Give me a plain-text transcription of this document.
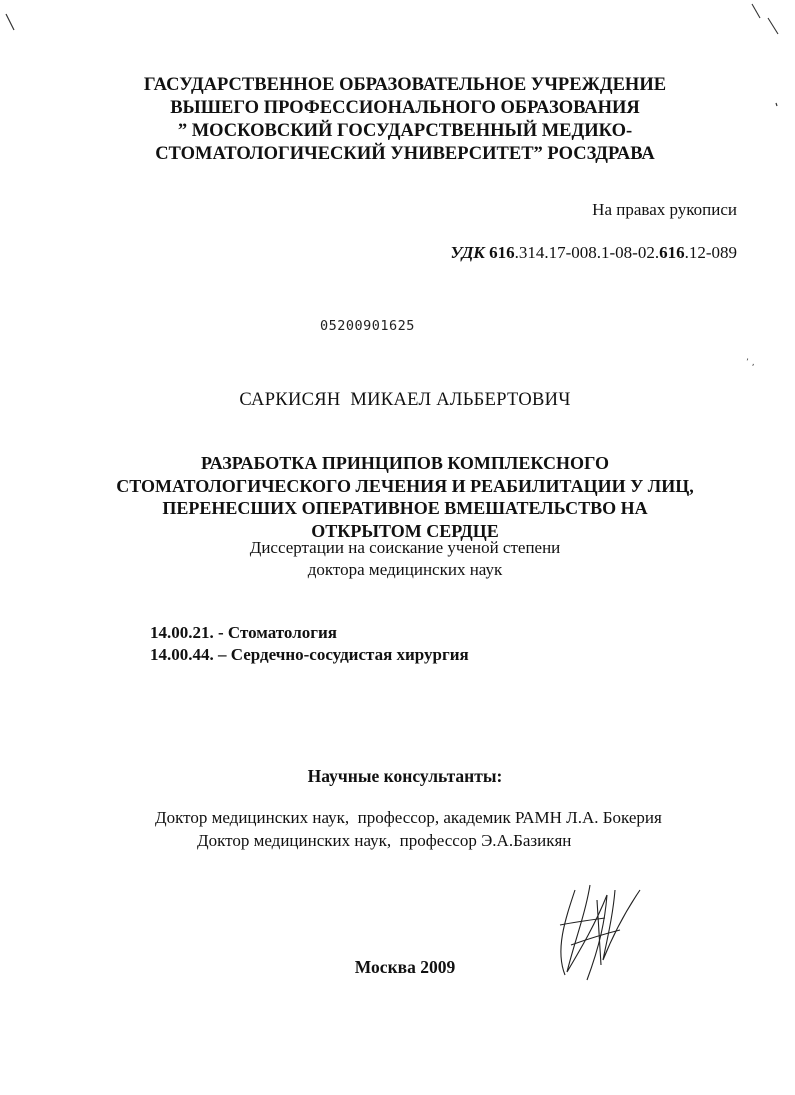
’ ,
ГАСУДАРСТВЕННОЕ ОБРАЗОВАТЕЛЬНОЕ УЧРЕЖДЕНИЕ
ВЫШЕГО ПРОФЕССИОНАЛЬНОГО ОБРАЗОВАНИЯ
” МОСКОВСКИЙ ГОСУДАРСТВЕННЫЙ МЕДИКО-
СТОМАТОЛОГИЧЕСКИЙ УНИВЕРСИТЕТ” РОСЗДРАВА
На правах рукописи
УДК 616.314.17-008.1-08-02.616.12-089
05200901625
САРКИСЯН  МИКАЕЛ АЛЬБЕРТОВИЧ
РАЗРАБОТКА ПРИНЦИПОВ КОМПЛЕКСНОГО
СТОМАТОЛОГИЧЕСКОГО ЛЕЧЕНИЯ И РЕАБИЛИТАЦИИ У ЛИЦ,
ПЕРЕНЕСШИХ ОПЕРАТИВНОЕ ВМЕШАТЕЛЬСТВО НА
ОТКРЫТОМ СЕРДЦЕ
Диссертации на соискание ученой степени
доктора медицинских наук
14.00.21. - Стоматология
14.00.44. – Сердечно-сосудистая хирургия
Научные консультанты:
Доктор медицинских наук,  профессор, академик РАМН Л.А. Бокерия
Доктор медицинских наук,  профессор Э.А.Базикян
Москва 2009
